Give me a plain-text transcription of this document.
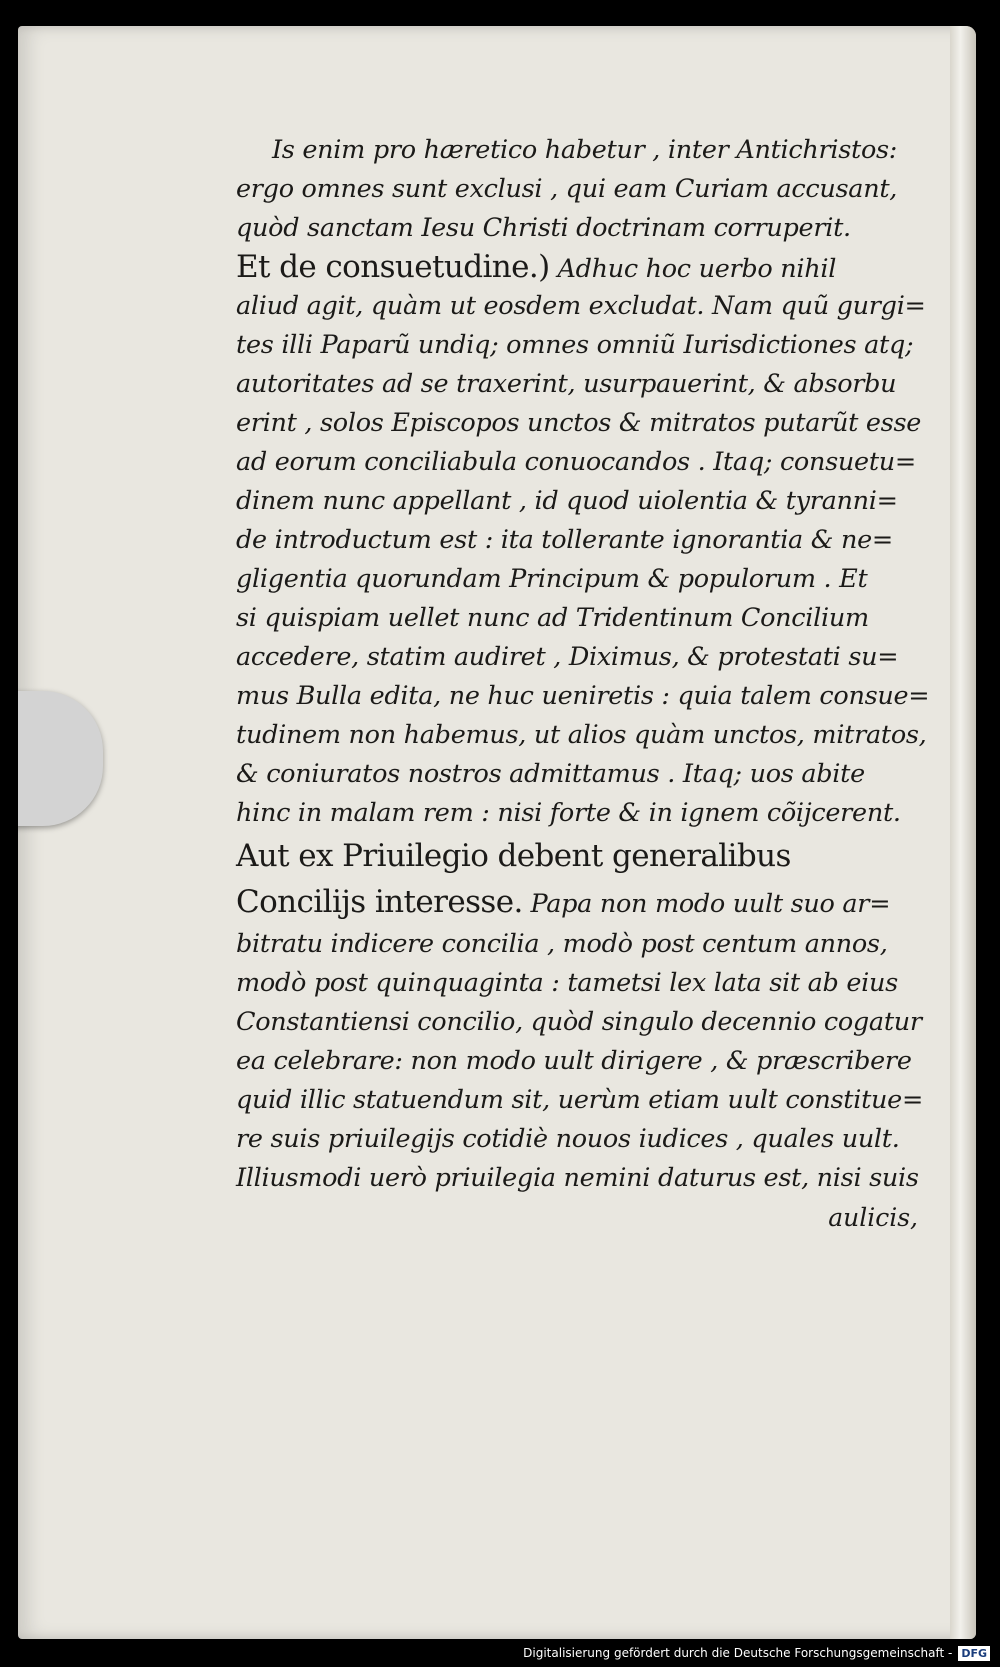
Is enim pro hæretico habetur , inter Antichristos:
ergo omnes sunt exclusi , qui eam Curiam accusant,
quòd sanctam Iesu Christi doctrinam corruperit.
Et de consuetudine.) Adhuc hoc uerbo nihil
aliud agit, quàm ut eosdem excludat. Nam quũ gurgi=
tes illi Paparũ undiq; omnes omniũ Iurisdictiones atq;
autoritates ad se traxerint, usurpauerint, & absorbu
erint , solos Episcopos unctos & mitratos putarũt esse
ad eorum conciliabula conuocandos . Itaq; consuetu=
dinem nunc appellant , id quod uiolentia & tyranni=
de introductum est : ita tollerante ignorantia & ne=
gligentia quorundam Principum & populorum . Et
si quispiam uellet nunc ad Tridentinum Concilium
accedere, statim audiret , Diximus, & protestati su=
mus Bulla edita, ne huc ueniretis : quia talem consue=
tudinem non habemus, ut alios quàm unctos, mitratos,
& coniuratos nostros admittamus . Itaq; uos abite
hinc in malam rem : nisi forte & in ignem cõijcerent.
Aut ex Priuilegio debent generalibus
Concilijs interesse. Papa non modo uult suo ar=
bitratu indicere concilia , modò post centum annos,
modò post quinquaginta : tametsi lex lata sit ab eius
Constantiensi concilio, quòd singulo decennio cogatur
ea celebrare: non modo uult dirigere , & præscribere
quid illic statuendum sit, uerùm etiam uult constitue=
re suis priuilegijs cotidiè nouos iudices , quales uult.
Illiusmodi uerò priuilegia nemini daturus est, nisi suis
aulicis,
Digitalisierung gefördert durch die Deutsche Forschungsgemeinschaft - DFG
